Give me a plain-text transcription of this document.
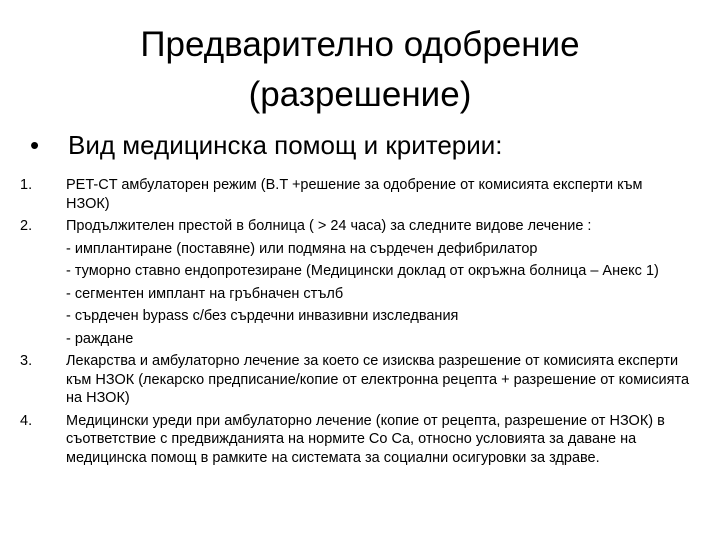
Предварително одобрение
(разрешение)
• Вид медицинска помощ и критерии:
1. PET-CT амбулаторен режим (B.T +решение за одобрение от комисията експерти към НЗОК)
2. Продължителен престой в болница ( > 24 часа) за следните видове лечение :
- имплантиране (поставяне) или подмяна на сърдечен дефибрилатор
- туморно ставно ендопротезиране (Медицински доклад от окръжна болница – Анекс 1)
- сегментен имплант на гръбначен стълб
- сърдечен bypass с/без сърдечни инвазивни изследвания
- раждане
3. Лекарства и амбулаторно лечение за което се изисква разрешение от комисията експерти към НЗОК (лекарско предписание/копие от електронна рецепта + разрешение от комисията на НЗОК)
4. Медицински уреди при амбулаторно лечение (копие от рецепта, разрешение от НЗОК) в съответствие с предвижданията на нормите Co Ca, относно условията за даване на медицинска помощ в рамките на системата за социални осигуровки за здраве.
